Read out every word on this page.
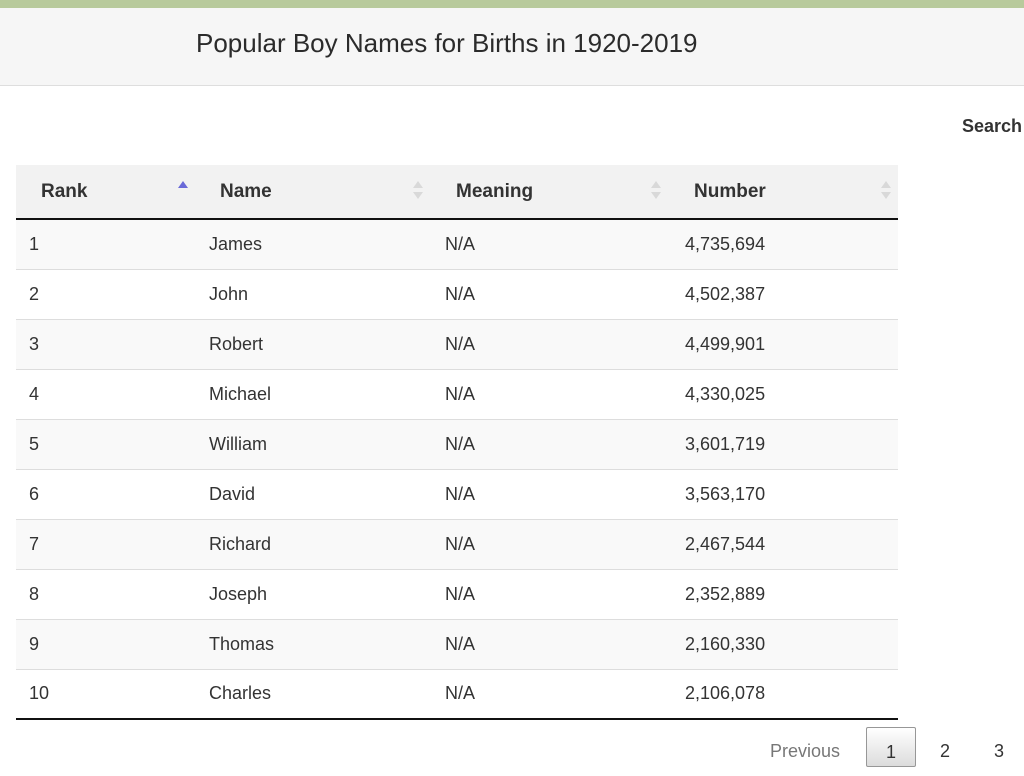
Popular Boy Names for Births in 1920-2019
Search
Rank	Name	Meaning	Number

1	James	N/A	4,735,694
2	John	N/A	4,502,387
3	Robert	N/A	4,499,901
4	Michael	N/A	4,330,025
5	William	N/A	3,601,719
6	David	N/A	3,563,170
7	Richard	N/A	2,467,544
8	Joseph	N/A	2,352,889
9	Thomas	N/A	2,160,330
10	Charles	N/A	2,106,078
Previous	1	2 3
